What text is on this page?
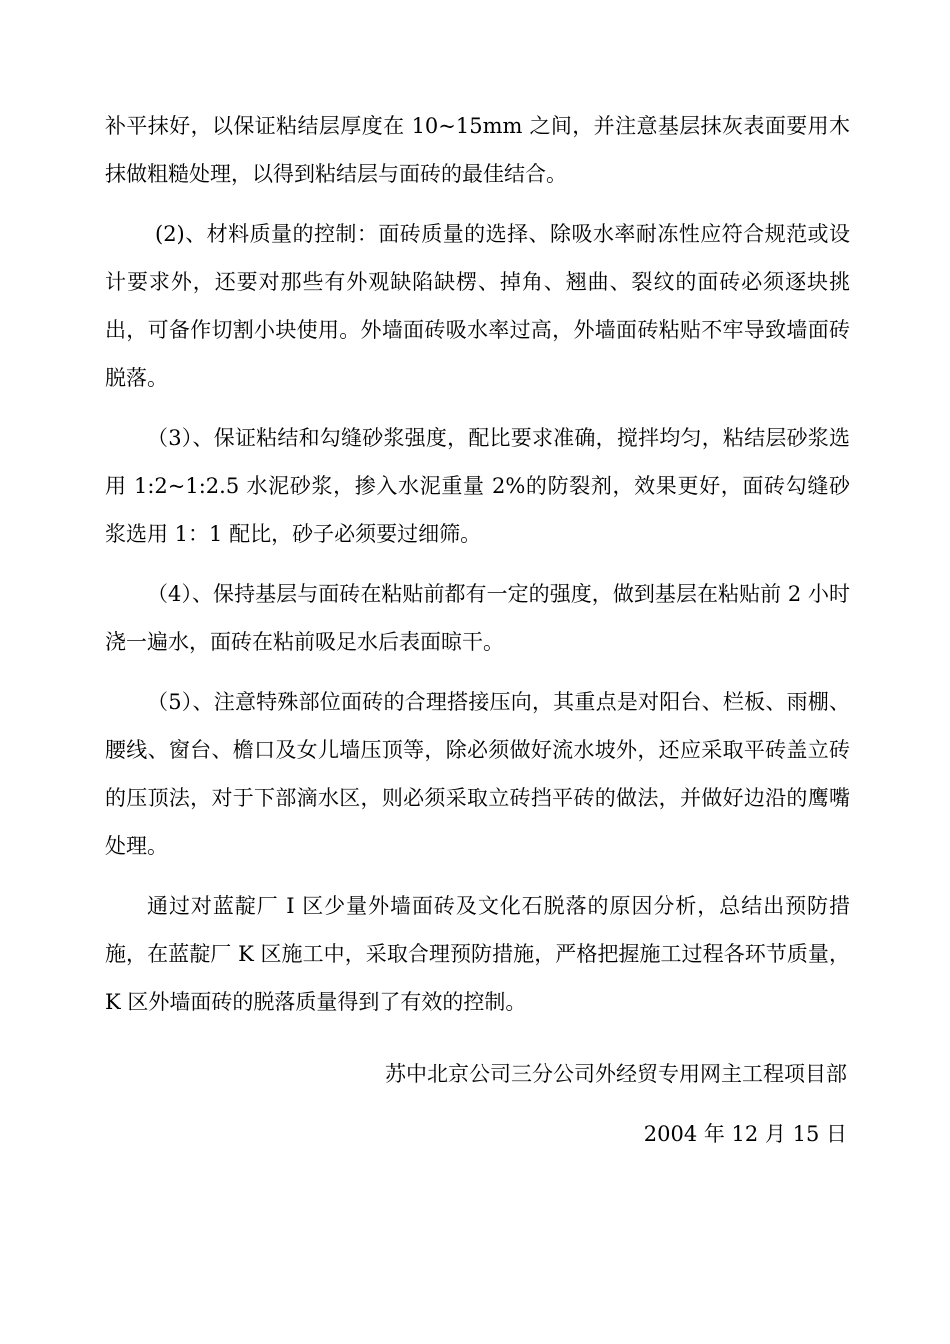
补平抹好，以保证粘结层厚度在 10~15mm 之间，并注意基层抹灰表面要用木抹做粗糙处理，以得到粘结层与面砖的最佳结合。

(2)、材料质量的控制：面砖质量的选择、除吸水率耐冻性应符合规范或设计要求外，还要对那些有外观缺陷缺楞、掉角、翘曲、裂纹的面砖必须逐块挑出，可备作切割小块使用。外墙面砖吸水率过高，外墙面砖粘贴不牢导致墙面砖脱落。

（3）、保证粘结和勾缝砂浆强度，配比要求准确，搅拌均匀，粘结层砂浆选用 1:2~1:2.5 水泥砂浆，掺入水泥重量 2%的防裂剂，效果更好，面砖勾缝砂浆选用 1：1 配比，砂子必须要过细筛。

（4）、保持基层与面砖在粘贴前都有一定的强度，做到基层在粘贴前 2 小时浇一遍水，面砖在粘前吸足水后表面晾干。

（5）、注意特殊部位面砖的合理搭接压向，其重点是对阳台、栏板、雨棚、腰线、窗台、檐口及女儿墙压顶等，除必须做好流水坡外，还应采取平砖盖立砖的压顶法，对于下部滴水区，则必须采取立砖挡平砖的做法，并做好边沿的鹰嘴处理。

通过对蓝靛厂 I 区少量外墙面砖及文化石脱落的原因分析，总结出预防措施，在蓝靛厂 K 区施工中，采取合理预防措施，严格把握施工过程各环节质量，K 区外墙面砖的脱落质量得到了有效的控制。

苏中北京公司三分公司外经贸专用网主工程项目部
2004 年 12 月 15 日
